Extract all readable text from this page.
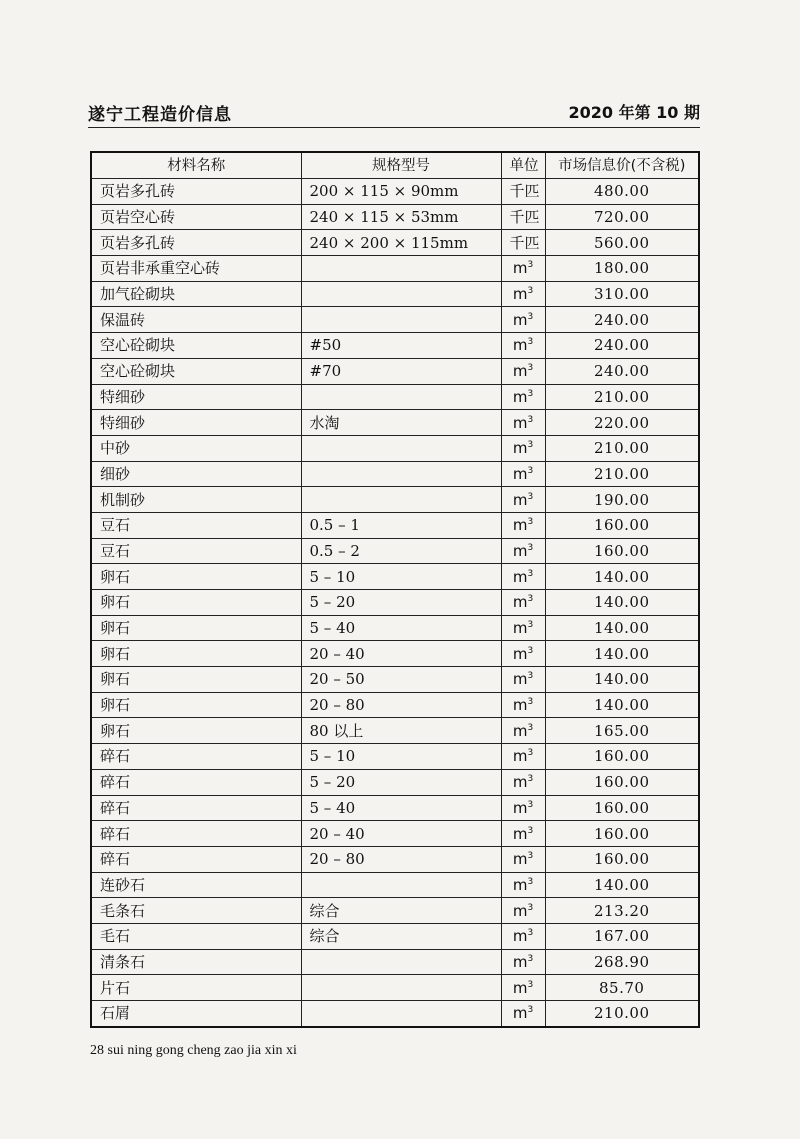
遂宁工程造价信息	2020 年第 10 期
材料名称	规格型号	单位	市场信息价(不含税)
页岩多孔砖	200 × 115 × 90mm	千匹	480.00
页岩空心砖	240 × 115 × 53mm	千匹	720.00
页岩多孔砖	240 × 200 × 115mm	千匹	560.00
页岩非承重空心砖		$m^3$	180.00
加气砼砌块		$m^3$	310.00
保温砖		$m^3$	240.00
空心砼砌块	#50	$m^3$	240.00
空心砼砌块	#70	$m^3$	240.00
特细砂		$m^3$	210.00
特细砂	水淘	$m^3$	220.00
中砂		$m^3$	210.00
细砂		$m^3$	210.00
机制砂		$m^3$	190.00
豆石	0.5 – 1	$m^3$	160.00
豆石	0.5 – 2	$m^3$	160.00
卵石	5 – 10	$m^3$	140.00
卵石	5 – 20	$m^3$	140.00
卵石	5 – 40	$m^3$	140.00
卵石	20 – 40	$m^3$	140.00
卵石	20 – 50	$m^3$	140.00
卵石	20 – 80	$m^3$	140.00
卵石	80 以上	$m^3$	165.00
碎石	5 – 10	$m^3$	160.00
碎石	5 – 20	$m^3$	160.00
碎石	5 – 40	$m^3$	160.00
碎石	20 – 40	$m^3$	160.00
碎石	20 – 80	$m^3$	160.00
连砂石		$m^3$	140.00
毛条石	综合	$m^3$	213.20
毛石	综合	$m^3$	167.00
清条石		$m^3$	268.90
片石		$m^3$	85.70
石屑		$m^3$	210.00
28 sui ning gong cheng zao jia xin xi
